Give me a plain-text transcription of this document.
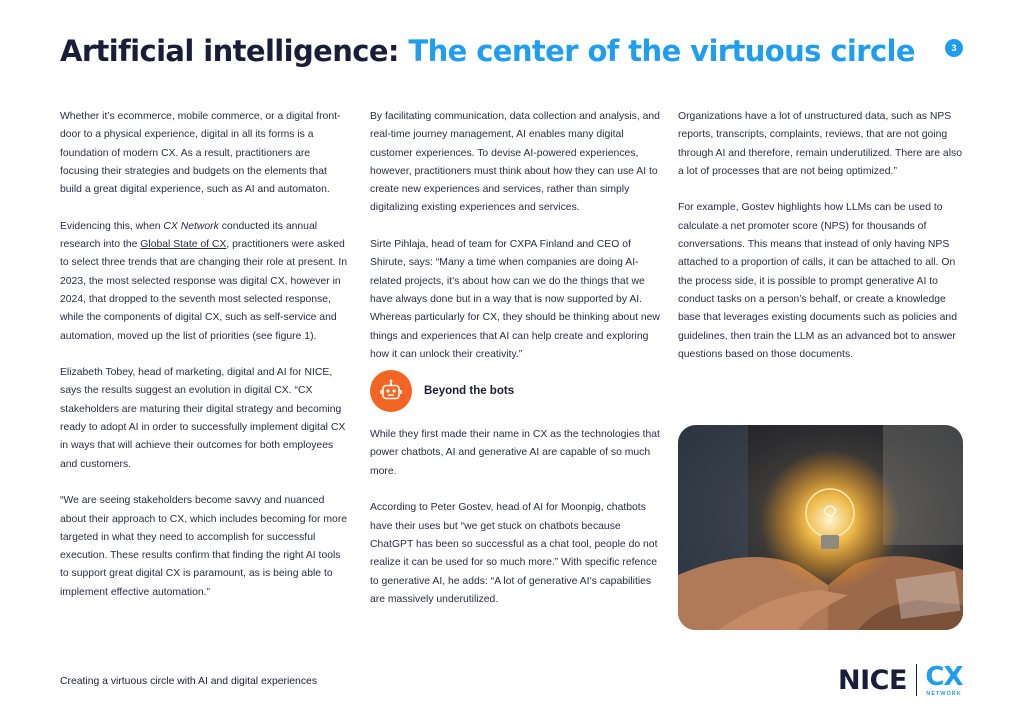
Artificial intelligence: The center of the virtuous circle	3

Whether it’s ecommerce, mobile commerce, or a digital front-door to a physical experience, digital in all its forms is a foundation of modern CX. As a result, practitioners are focusing their strategies and budgets on the elements that build a great digital experience, such as AI and automaton.

Evidencing this, when CX Network conducted its annual research into the Global State of CX, practitioners were asked to select three trends that are changing their role at present. In 2023, the most selected response was digital CX, however in 2024, that dropped to the seventh most selected response, while the components of digital CX, such as self-service and automation, moved up the list of priorities (see figure 1).

Elizabeth Tobey, head of marketing, digital and AI for NICE, says the results suggest an evolution in digital CX. “CX stakeholders are maturing their digital strategy and becoming ready to adopt AI in order to successfully implement digital CX in ways that will achieve their outcomes for both employees and customers.

“We are seeing stakeholders become savvy and nuanced about their approach to CX, which includes becoming for more targeted in what they need to accomplish for successful execution. These results confirm that finding the right AI tools to support great digital CX is paramount, as is being able to implement effective automation.”

By facilitating communication, data collection and analysis, and real-time journey management, AI enables many digital customer experiences. To devise AI-powered experiences, however, practitioners must think about how they can use AI to create new experiences and services, rather than simply digitalizing existing experiences and services.

Sirte Pihlaja, head of team for CXPA Finland and CEO of Shirute, says: “Many a time when companies are doing AI-related projects, it’s about how can we do the things that we have always done but in a way that is now supported by AI. Whereas particularly for CX, they should be thinking about new things and experiences that AI can help create and exploring how it can unlock their creativity.”

Beyond the bots

While they first made their name in CX as the technologies that power chatbots, AI and generative AI are capable of so much more.

According to Peter Gostev, head of AI for Moonpig, chatbots have their uses but “we get stuck on chatbots because ChatGPT has been so successful as a chat tool, people do not realize it can be used for so much more.” With specific refence to generative AI, he adds: “A lot of generative AI’s capabilities are massively underutilized.

Organizations have a lot of unstructured data, such as NPS reports, transcripts, complaints, reviews, that are not going through AI and therefore, remain underutilized. There are also a lot of processes that are not being optimized.”

For example, Gostev highlights how LLMs can be used to calculate a net promoter score (NPS) for thousands of conversations. This means that instead of only having NPS attached to a proportion of calls, it can be attached to all. On the process side, it is possible to prompt generative AI to conduct tasks on a person’s behalf, or create a knowledge base that leverages existing documents such as policies and guidelines, then train the LLM as an advanced bot to answer questions based on those documents.

Creating a virtuous circle with AI and digital experiences	NICE CX
NETWORK
